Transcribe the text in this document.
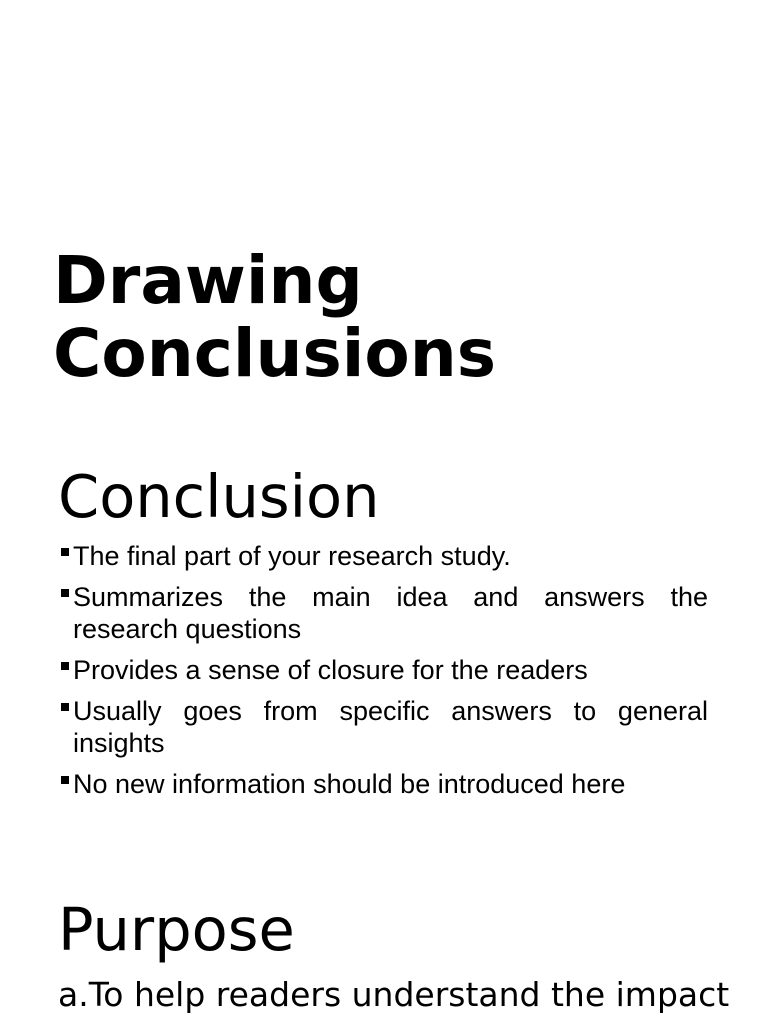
Drawing
Conclusions
Conclusion
The final part of your research study.
Summarizes the main idea and answers the research questions
Provides a sense of closure for the readers
Usually goes from specific answers to general insights
No new information should be introduced here
Purpose
a. To help readers understand the impact
